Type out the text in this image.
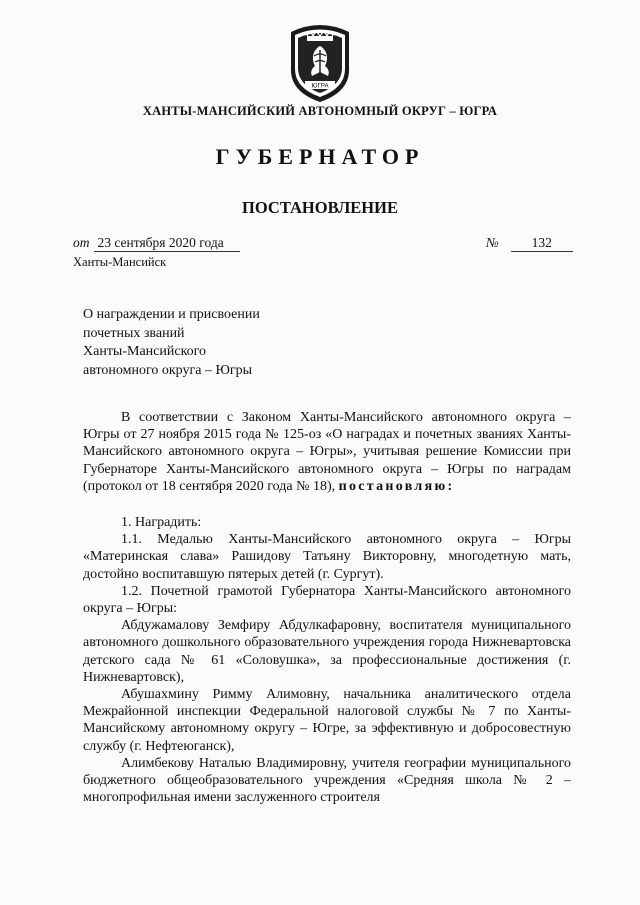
ЮГРА
ХАНТЫ-МАНСИЙСКИЙ АВТОНОМНЫЙ ОКРУГ – ЮГРА
ГУБЕРНАТОР
ПОСТАНОВЛЕНИЕ
от 23 сентября 2020 года	№ 132
Ханты-Мансийск
О награждении и присвоении
почетных званий
Ханты-Мансийского
автономного округа – Югры

В соответствии с Законом Ханты-Мансийского автономного округа – Югры от 27 ноября 2015 года № 125-оз «О наградах и почетных званиях Ханты-Мансийского автономного округа – Югры», учитывая решение Комиссии при Губернаторе Ханты-Мансийского автономного округа – Югры по наградам (протокол от 18 сентября 2020 года № 18), постановляю:

1. Наградить:

1.1. Медалью Ханты-Мансийского автономного округа – Югры «Материнская слава» Рашидову Татьяну Викторовну, многодетную мать, достойно воспитавшую пятерых детей (г. Сургут).

1.2. Почетной грамотой Губернатора Ханты-Мансийского автономного округа – Югры:

Абдужамалову Земфиру Абдулкафаровну, воспитателя муниципального автономного дошкольного образовательного учреждения города Нижневартовска детского сада № 61 «Соловушка», за профессиональные достижения (г. Нижневартовск),

Абушахмину Римму Алимовну, начальника аналитического отдела Межрайонной инспекции Федеральной налоговой службы № 7 по Ханты-Мансийскому автономному округу – Югре, за эффективную и добросовестную службу (г. Нефтеюганск),

Алимбекову Наталью Владимировну, учителя географии муниципального бюджетного общеобразовательного учреждения «Средняя школа № 2 – многопрофильная имени заслуженного строителя
